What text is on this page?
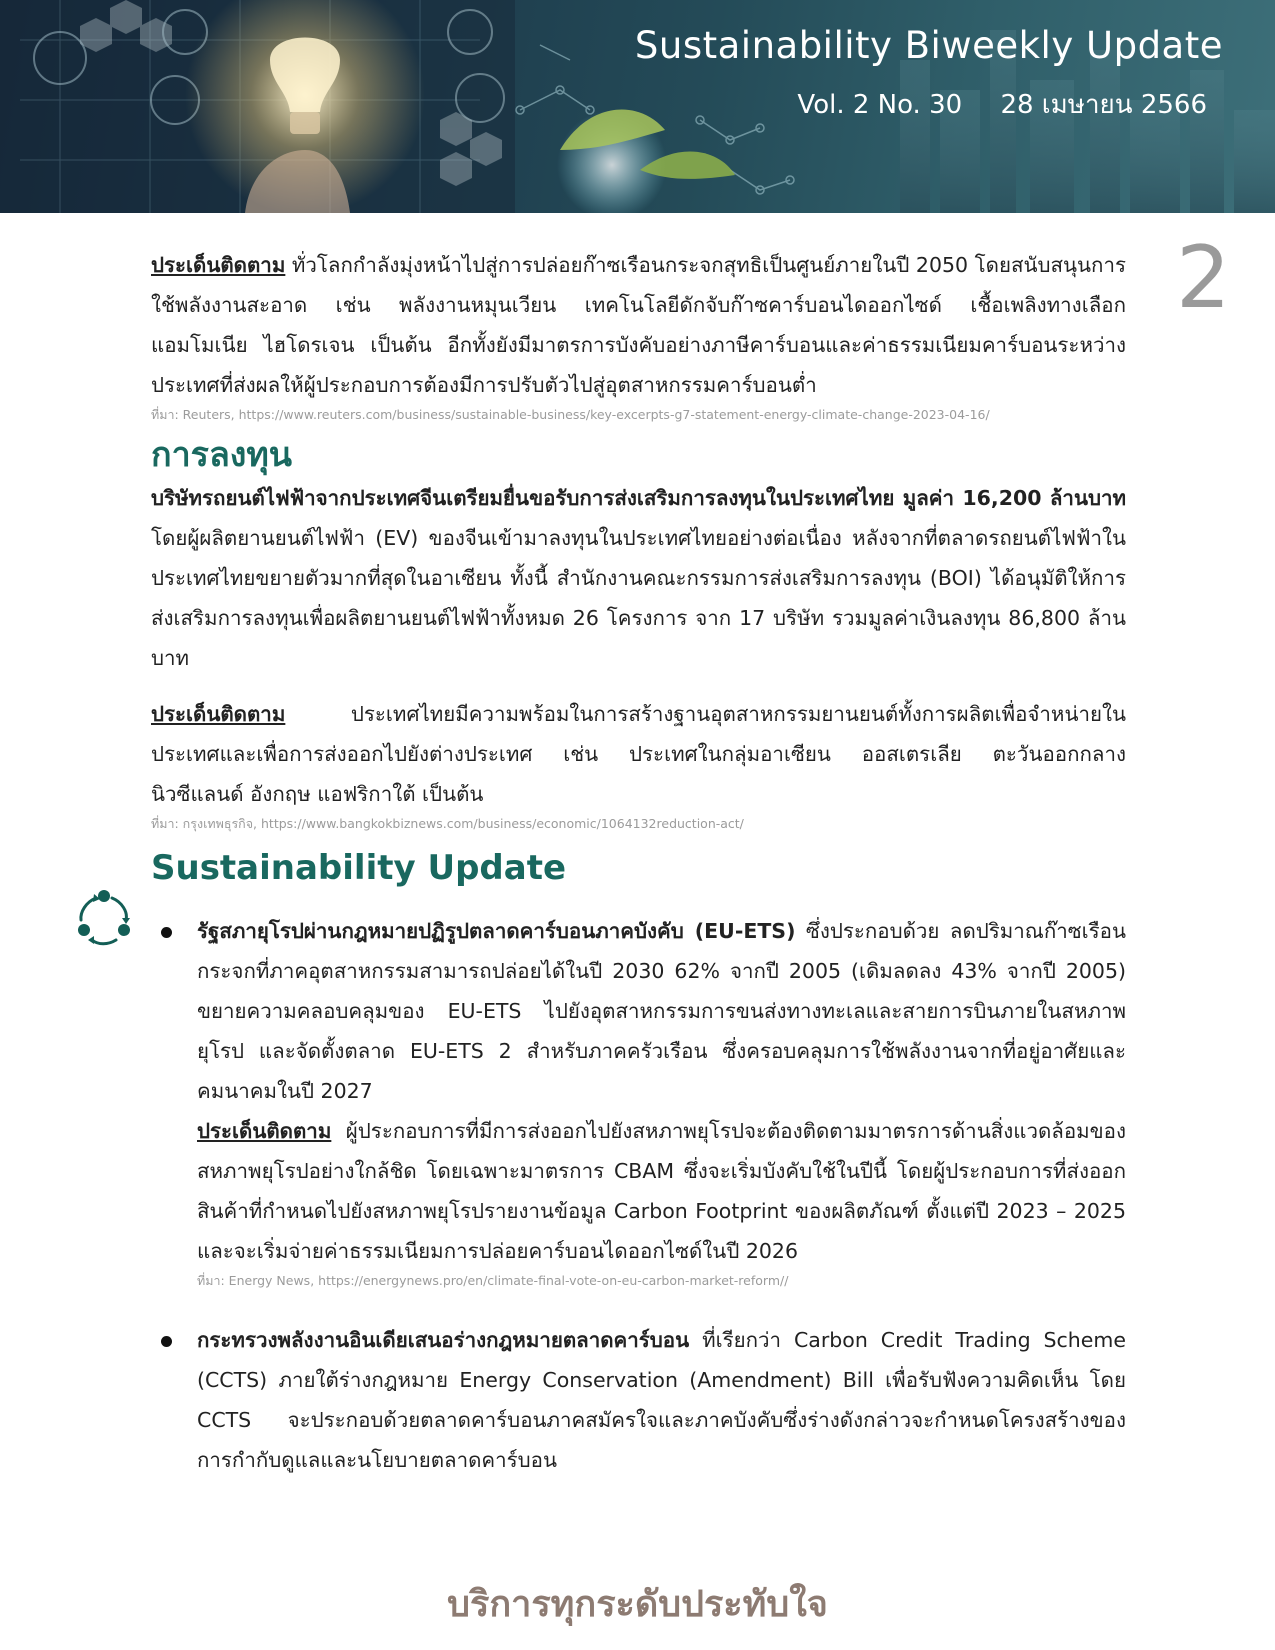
Sustainability Biweekly Update
Vol. 2 No. 30 28 เมษายน 2566
2

ประเด็นติดตาม ทั่วโลกกำลังมุ่งหน้าไปสู่การปล่อยก๊าซเรือนกระจกสุทธิเป็นศูนย์ภายในปี 2050 โดยสนับสนุนการใช้พลังงานสะอาด เช่น พลังงานหมุนเวียน เทคโนโลยีดักจับก๊าซคาร์บอนไดออกไซด์ เชื้อเพลิงทางเลือกแอมโมเนีย ไฮโดรเจน เป็นต้น อีกทั้งยังมีมาตรการบังคับอย่างภาษีคาร์บอนและค่าธรรมเนียมคาร์บอนระหว่างประเทศที่ส่งผลให้ผู้ประกอบการต้องมีการปรับตัวไปสู่อุตสาหกรรมคาร์บอนต่ำ

ที่มา: Reuters, https://www.reuters.com/business/sustainable-business/key-excerpts-g7-statement-energy-climate-change-2023-04-16/

การลงทุน

บริษัทรถยนต์ไฟฟ้าจากประเทศจีนเตรียมยื่นขอรับการส่งเสริมการลงทุนในประเทศไทย มูลค่า 16,200 ล้านบาท โดยผู้ผลิตยานยนต์ไฟฟ้า (EV) ของจีนเข้ามาลงทุนในประเทศไทยอย่างต่อเนื่อง หลังจากที่ตลาดรถยนต์ไฟฟ้าในประเทศไทยขยายตัวมากที่สุดในอาเซียน ทั้งนี้ สำนักงานคณะกรรมการส่งเสริมการลงทุน (BOI) ได้อนุมัติให้การส่งเสริมการลงทุนเพื่อผลิตยานยนต์ไฟฟ้าทั้งหมด 26 โครงการ จาก 17 บริษัท รวมมูลค่าเงินลงทุน 86,800 ล้านบาท

ประเด็นติดตาม ประเทศไทยมีความพร้อมในการสร้างฐานอุตสาหกรรมยานยนต์ทั้งการผลิตเพื่อจำหน่ายในประเทศและเพื่อการส่งออกไปยังต่างประเทศ เช่น ประเทศในกลุ่มอาเซียน ออสเตรเลีย ตะวันออกกลาง นิวซีแลนด์ อังกฤษ แอฟริกาใต้ เป็นต้น

ที่มา: กรุงเทพธุรกิจ, https://www.bangkokbiznews.com/business/economic/1064132reduction-act/

Sustainability Update

รัฐสภายุโรปผ่านกฎหมายปฏิรูปตลาดคาร์บอนภาคบังคับ (EU-ETS) ซึ่งประกอบด้วย ลดปริมาณก๊าซเรือนกระจกที่ภาคอุตสาหกรรมสามารถปล่อยได้ในปี 2030 62% จากปี 2005 (เดิมลดลง 43% จากปี 2005) ขยายความคลอบคลุมของ EU-ETS ไปยังอุตสาหกรรมการขนส่งทางทะเลและสายการบินภายในสหภาพยุโรป และจัดตั้งตลาด EU-ETS 2 สำหรับภาคครัวเรือน ซึ่งครอบคลุมการใช้พลังงานจากที่อยู่อาศัยและคมนาคมในปี 2027

ประเด็นติดตาม ผู้ประกอบการที่มีการส่งออกไปยังสหภาพยุโรปจะต้องติดตามมาตรการด้านสิ่งแวดล้อมของสหภาพยุโรปอย่างใกล้ชิด โดยเฉพาะมาตรการ CBAM ซึ่งจะเริ่มบังคับใช้ในปีนี้ โดยผู้ประกอบการที่ส่งออกสินค้าที่กำหนดไปยังสหภาพยุโรปรายงานข้อมูล Carbon Footprint ของผลิตภัณฑ์ ตั้งแต่ปี 2023 – 2025 และจะเริ่มจ่ายค่าธรรมเนียมการปล่อยคาร์บอนไดออกไซด์ในปี 2026

ที่มา: Energy News, https://energynews.pro/en/climate-final-vote-on-eu-carbon-market-reform//

กระทรวงพลังงานอินเดียเสนอร่างกฎหมายตลาดคาร์บอน ที่เรียกว่า Carbon Credit Trading Scheme (CCTS) ภายใต้ร่างกฎหมาย Energy Conservation (Amendment) Bill เพื่อรับฟังความคิดเห็น โดย CCTS จะประกอบด้วยตลาดคาร์บอนภาคสมัครใจและภาคบังคับซึ่งร่างดังกล่าวจะกำหนดโครงสร้างของการกำกับดูแลและนโยบายตลาดคาร์บอน

บริการทุกระดับประทับใจ
